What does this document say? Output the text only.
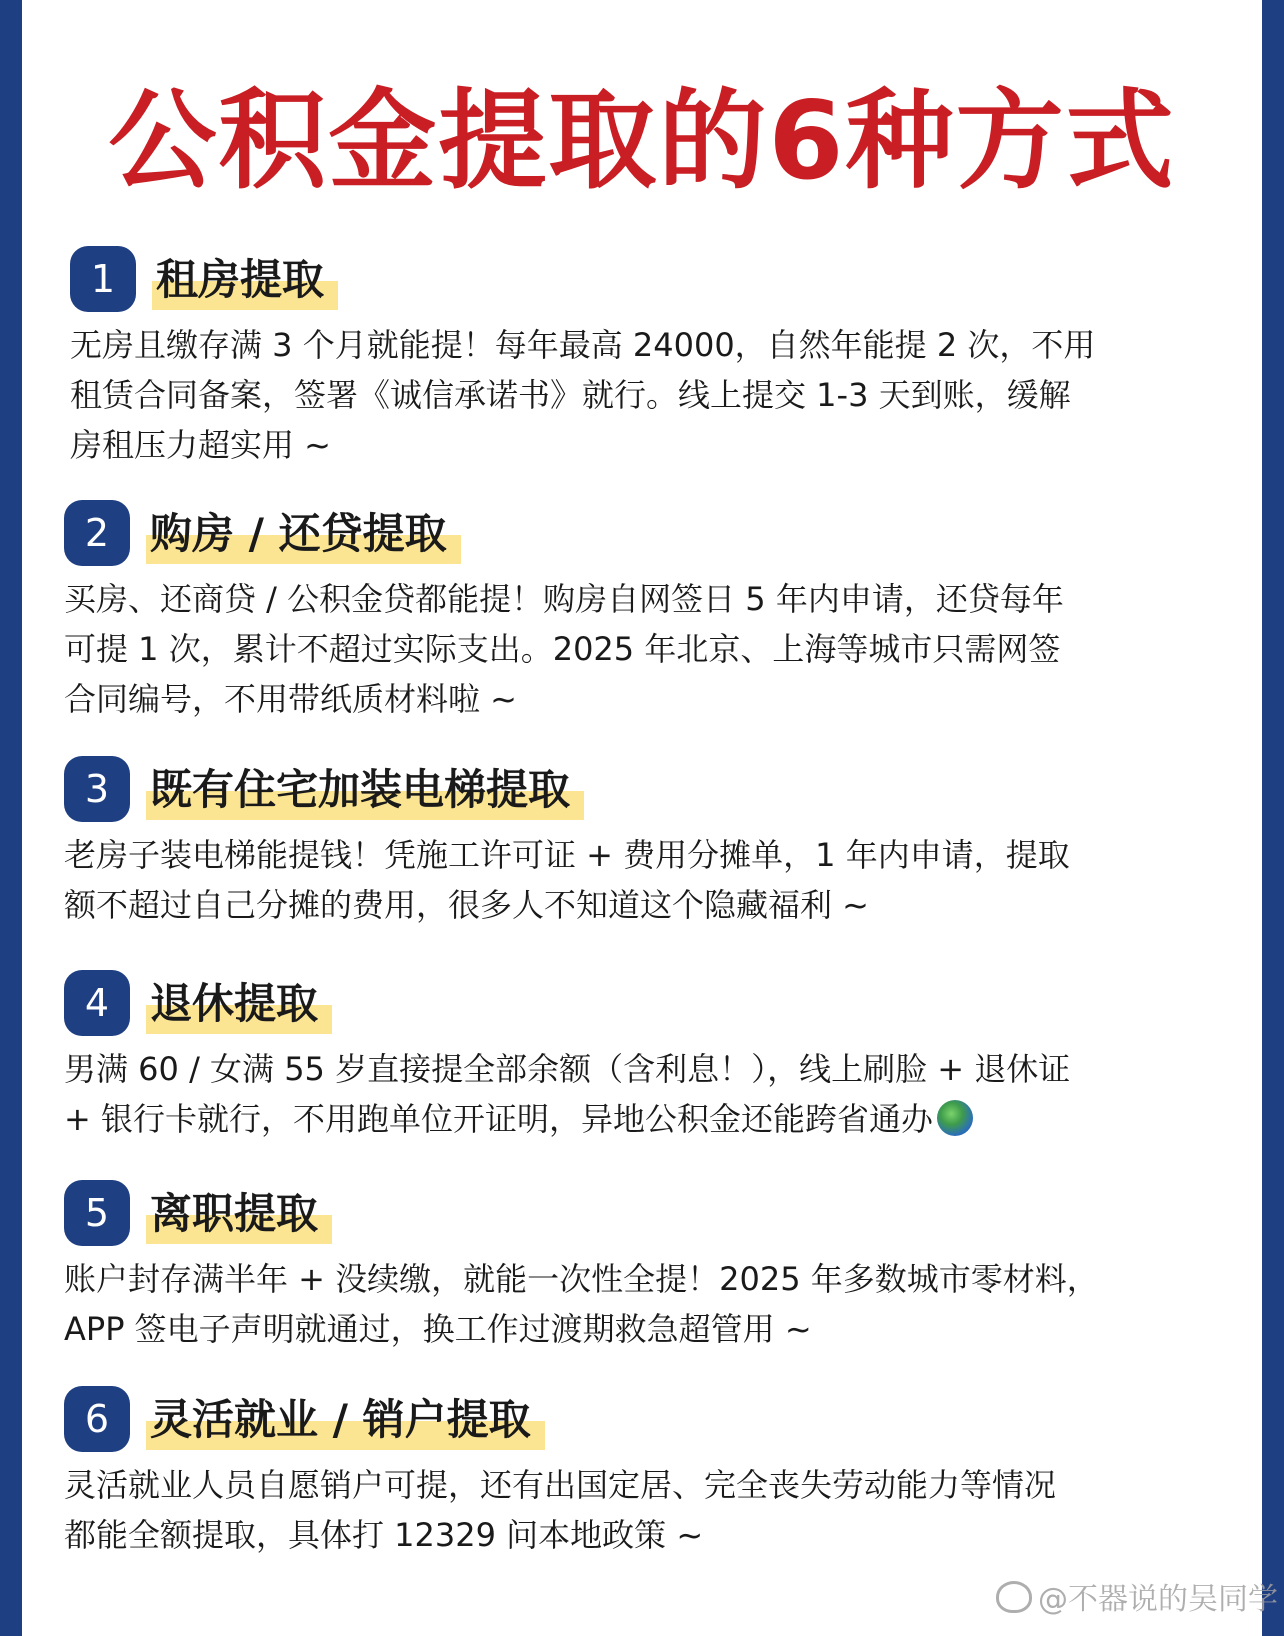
公积金提取的6种方式
1 租房提取
无房且缴存满 3 个月就能提！每年最高 24000，自然年能提 2 次，不用
租赁合同备案，签署《诚信承诺书》就行。线上提交 1-3 天到账，缓解
房租压力超实用 ~
2 购房 / 还贷提取
买房、还商贷 / 公积金贷都能提！购房自网签日 5 年内申请，还贷每年
可提 1 次，累计不超过实际支出。2025 年北京、上海等城市只需网签
合同编号，不用带纸质材料啦 ~
3 既有住宅加装电梯提取
老房子装电梯能提钱！凭施工许可证 + 费用分摊单，1 年内申请，提取
额不超过自己分摊的费用，很多人不知道这个隐藏福利 ~
4 退休提取
男满 60 / 女满 55 岁直接提全部余额（含利息！），线上刷脸 + 退休证
+ 银行卡就行，不用跑单位开证明，异地公积金还能跨省通办
5 离职提取
账户封存满半年 + 没续缴，就能一次性全提！2025 年多数城市零材料，
APP 签电子声明就通过，换工作过渡期救急超管用 ~
6 灵活就业 / 销户提取
灵活就业人员自愿销户可提，还有出国定居、完全丧失劳动能力等情况
都能全额提取，具体打 12329 问本地政策 ~
@不器说的吴同学
